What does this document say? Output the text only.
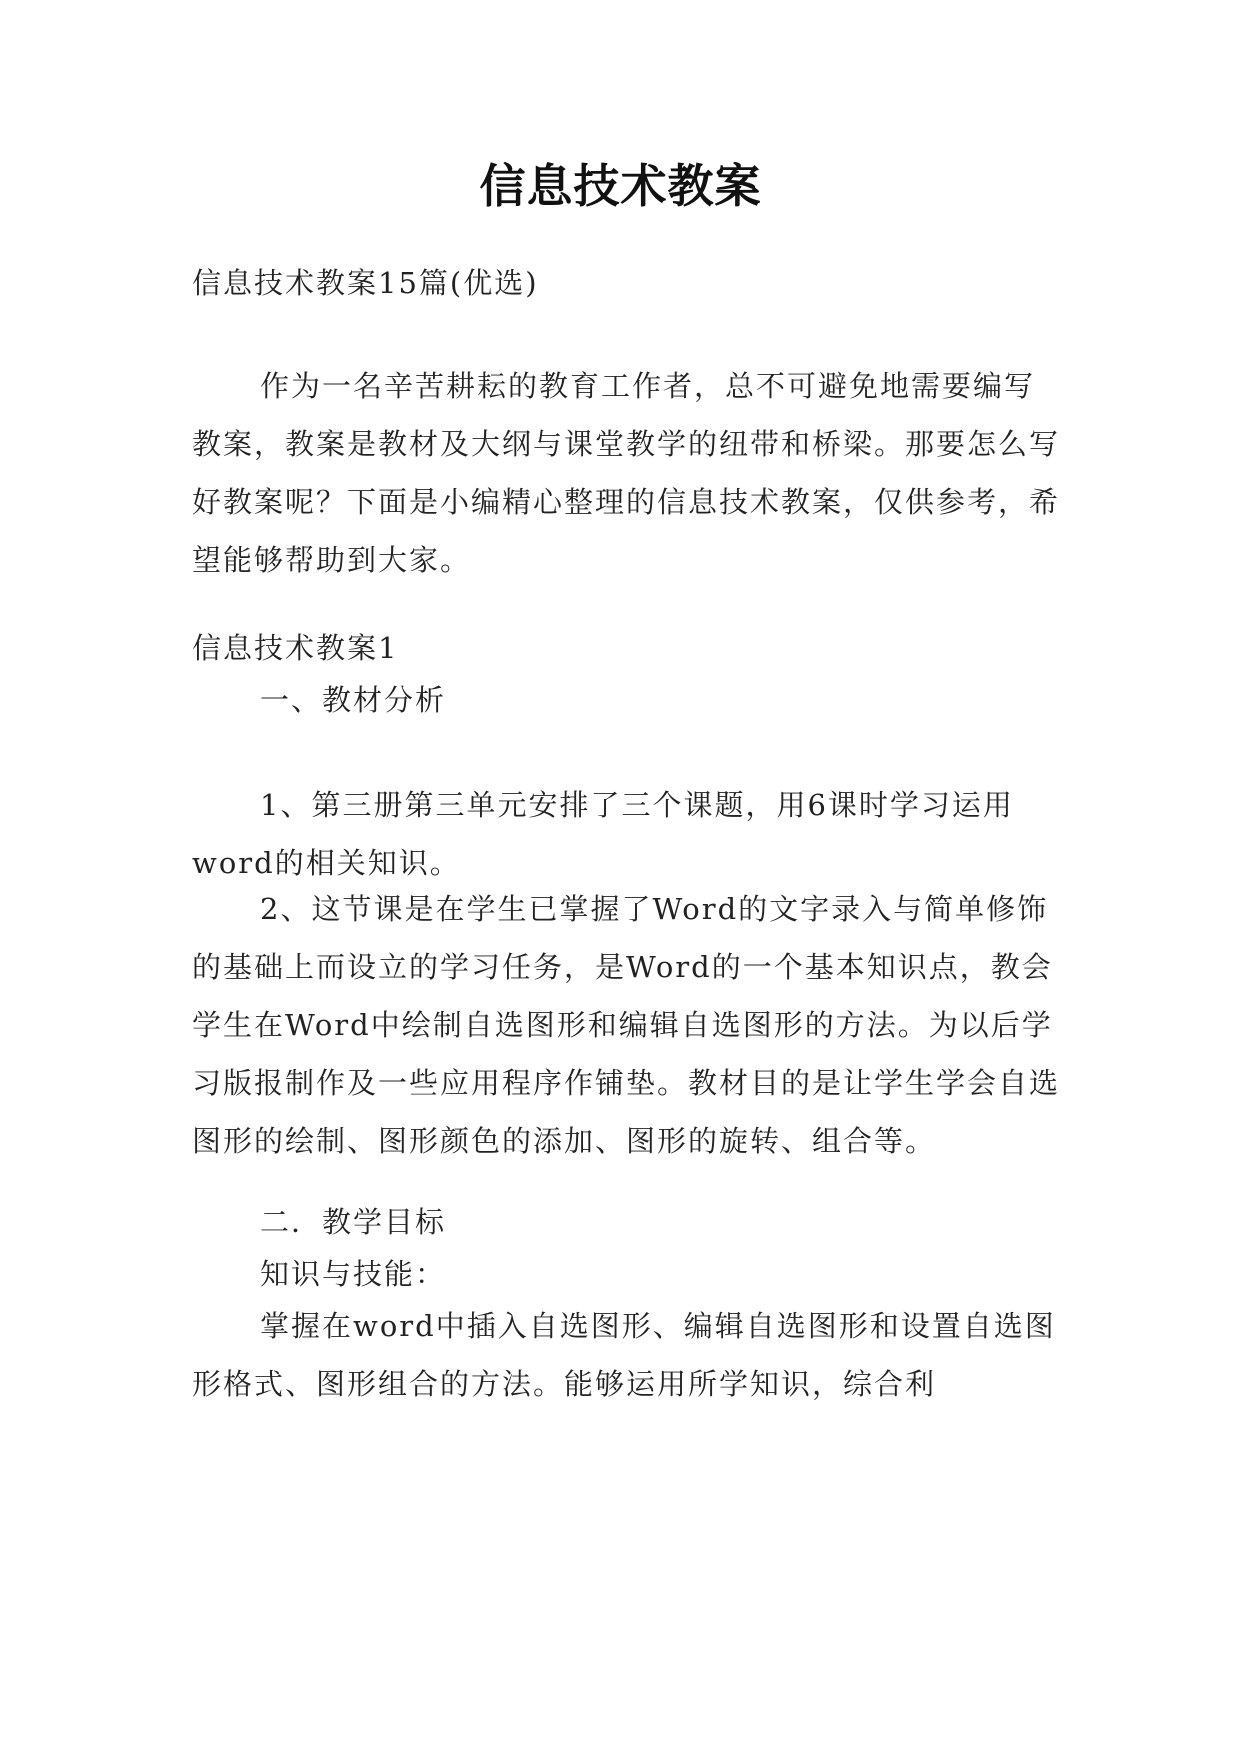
信息技术教案

信息技术教案15篇(优选)

作为一名辛苦耕耘的教育工作者，总不可避免地需要编写教案，教案是教材及大纲与课堂教学的纽带和桥梁。那要怎么写好教案呢？下面是小编精心整理的信息技术教案，仅供参考，希望能够帮助到大家。

信息技术教案1

一、教材分析

1、第三册第三单元安排了三个课题，用6课时学习运用word的相关知识。

2、这节课是在学生已掌握了Word的文字录入与简单修饰的基础上而设立的学习任务，是Word的一个基本知识点，教会学生在Word中绘制自选图形和编辑自选图形的方法。为以后学习版报制作及一些应用程序作铺垫。教材目的是让学生学会自选图形的绘制、图形颜色的添加、图形的旋转、组合等。

二．教学目标

知识与技能：

掌握在word中插入自选图形、编辑自选图形和设置自选图形格式、图形组合的方法。能够运用所学知识，综合利
